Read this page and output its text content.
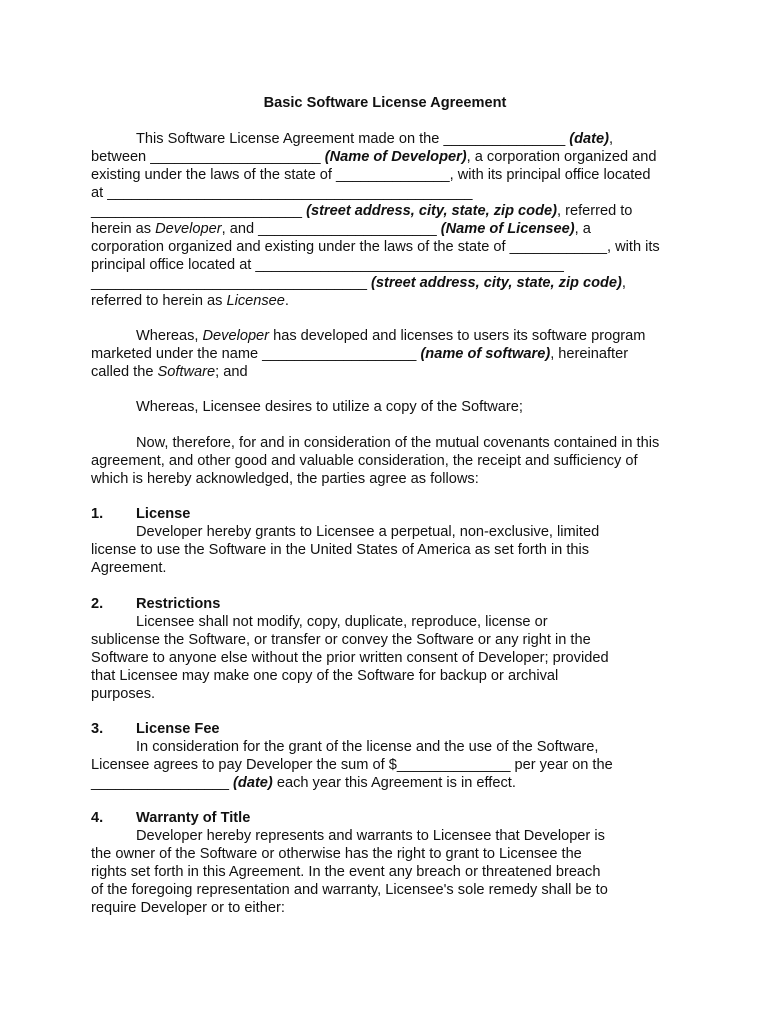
Basic Software License Agreement
This Software License Agreement made on the _______________ (date),
between _____________________ (Name of Developer), a corporation organized and
existing under the laws of the state of ______________, with its principal office located
at _____________________________________________
__________________________ (street address, city, state, zip code), referred to
herein as Developer, and ______________________ (Name of Licensee), a
corporation organized and existing under the laws of the state of ____________, with its
principal office located at ______________________________________
__________________________________ (street address, city, state, zip code),
referred to herein as Licensee.
Whereas, Developer has developed and licenses to users its software program
marketed under the name ___________________ (name of software), hereinafter
called the Software; and
Whereas, Licensee desires to utilize a copy of the Software;
Now, therefore, for and in consideration of the mutual covenants contained in this
agreement, and other good and valuable consideration, the receipt and sufficiency of
which is hereby acknowledged, the parties agree as follows:
1. License
Developer hereby grants to Licensee a perpetual, non-exclusive, limited
license to use the Software in the United States of America as set forth in this
Agreement.
2. Restrictions
Licensee shall not modify, copy, duplicate, reproduce, license or
sublicense the Software, or transfer or convey the Software or any right in the
Software to anyone else without the prior written consent of Developer; provided
that Licensee may make one copy of the Software for backup or archival
purposes.
3. License Fee
In consideration for the grant of the license and the use of the Software,
Licensee agrees to pay Developer the sum of $______________ per year on the
_________________ (date) each year this Agreement is in effect.
4. Warranty of Title
Developer hereby represents and warrants to Licensee that Developer is
the owner of the Software or otherwise has the right to grant to Licensee the
rights set forth in this Agreement. In the event any breach or threatened breach
of the foregoing representation and warranty, Licensee's sole remedy shall be to
require Developer or to either:
